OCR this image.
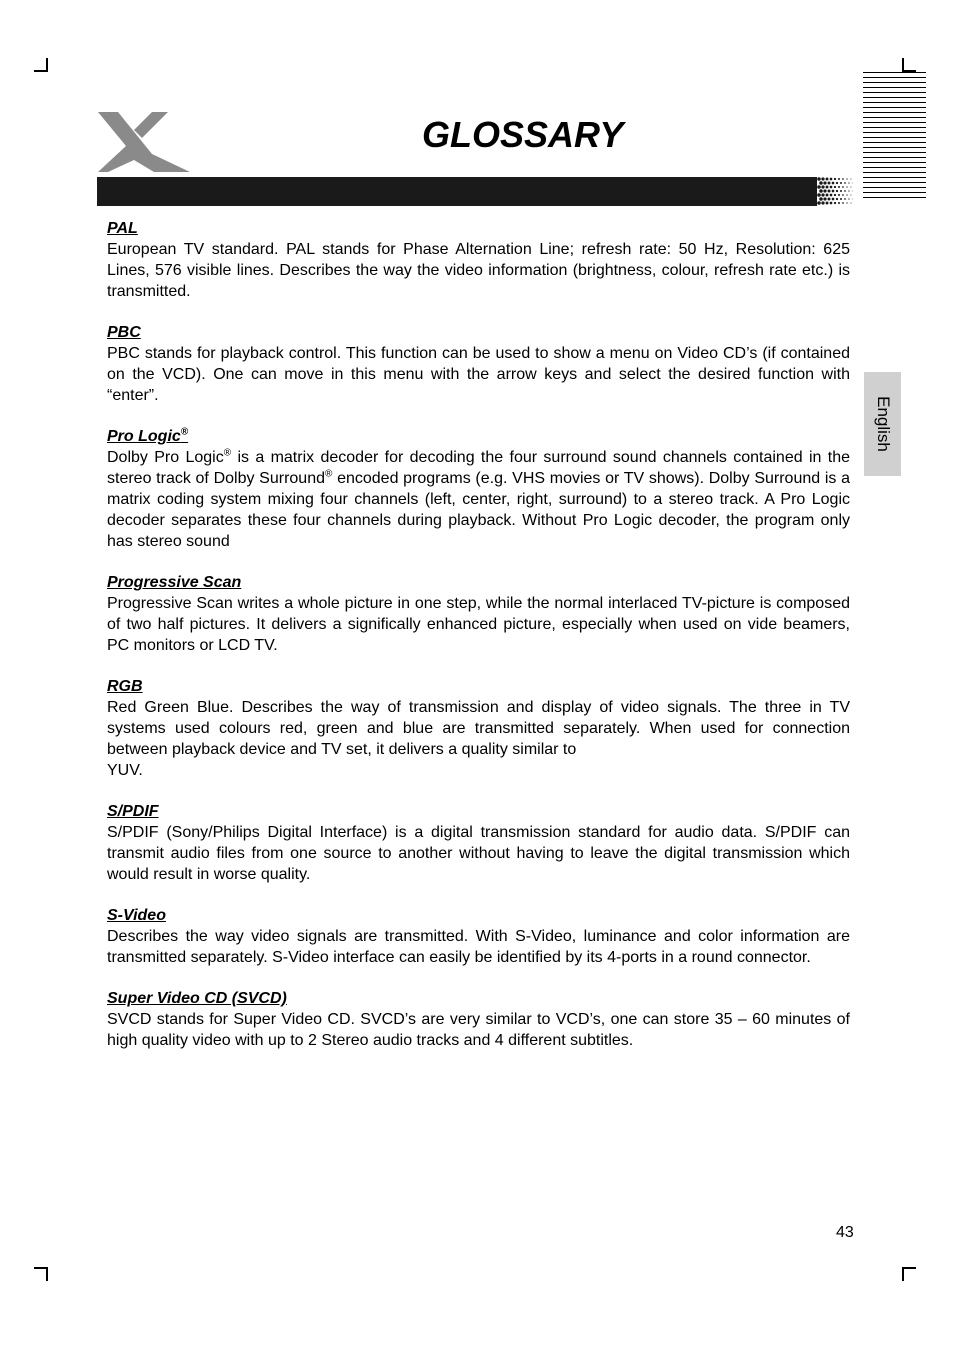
GLOSSARY
English
PAL

European TV standard. PAL stands for Phase Alternation Line; refresh rate: 50 Hz, Resolution: 625 Lines, 576 visible lines. Describes the way the video information (brightness, colour, refresh rate etc.) is transmitted.

PBC

PBC stands for playback control. This function can be used to show a menu on Video CD’s (if contained on the VCD). One can move in this menu with the arrow keys and select the desired function with “enter”.

Pro Logic®

Dolby Pro Logic® is a matrix decoder for decoding the four surround sound channels contained in the stereo track of Dolby Surround® encoded programs (e.g. VHS movies or TV shows). Dolby Surround is a matrix coding system mixing four channels (left, center, right, surround) to a stereo track. A Pro Logic decoder separates these four channels during playback. Without Pro Logic decoder, the program only has stereo sound

Progressive Scan

Progressive Scan writes a whole picture in one step, while the normal interlaced TV-picture is composed of two half pictures. It delivers a significally enhanced picture, especially when used on vide beamers, PC monitors or LCD TV.

RGB

Red Green Blue. Describes the way of transmission and display of video signals. The three in TV systems used colours red, green and blue are transmitted separately. When used for connection between playback device and TV set, it delivers a quality similar to

YUV.

S/PDIF

S/PDIF (Sony/Philips Digital Interface) is a digital transmission standard for audio data. S/PDIF can transmit audio files from one source to another without having to leave the digital transmission which would result in worse quality.

S-Video

Describes the way video signals are transmitted. With S-Video, luminance and color information are transmitted separately. S-Video interface can easily be identified by its 4-ports in a round connector.

Super Video CD (SVCD)

SVCD stands for Super Video CD. SVCD’s are very similar to VCD’s, one can store 35 – 60 minutes of high quality video with up to 2 Stereo audio tracks and 4 different subtitles.

43
